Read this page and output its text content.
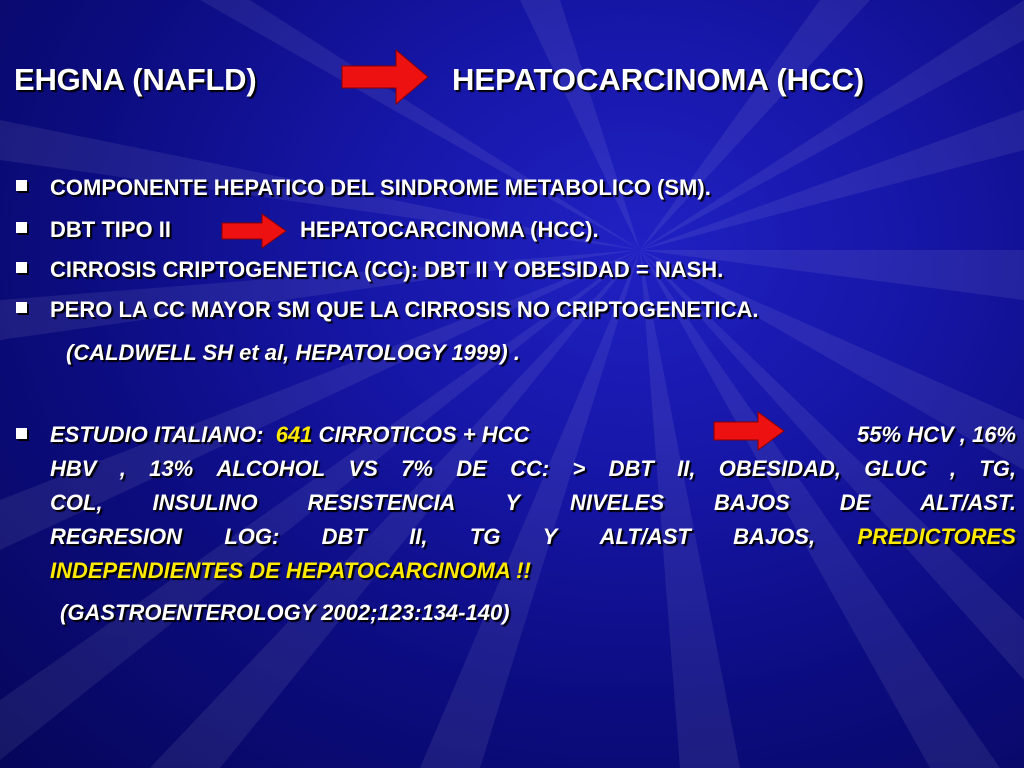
EHGNA (NAFLD)	HEPATOCARCINOMA (HCC)
COMPONENTE HEPATICO DEL SINDROME METABOLICO (SM).
DBT TIPO II	HEPATOCARCINOMA (HCC).
CIRROSIS CRIPTOGENETICA (CC): DBT II Y OBESIDAD = NASH.
PERO LA CC MAYOR SM QUE LA CIRROSIS NO CRIPTOGENETICA.
(CALDWELL SH et al, HEPATOLOGY 1999) .
ESTUDIO ITALIANO: 641 CIRROTICOS + HCC	55% HCV , 16%
HBV , 13% ALCOHOL VS 7% DE CC: > DBT II, OBESIDAD, GLUC , TG,
COL, INSULINO RESISTENCIA Y NIVELES BAJOS DE ALT/AST.
REGRESION LOG: DBT II, TG Y ALT/AST BAJOS, PREDICTORES
INDEPENDIENTES DE HEPATOCARCINOMA !!
(GASTROENTEROLOGY 2002;123:134-140)
